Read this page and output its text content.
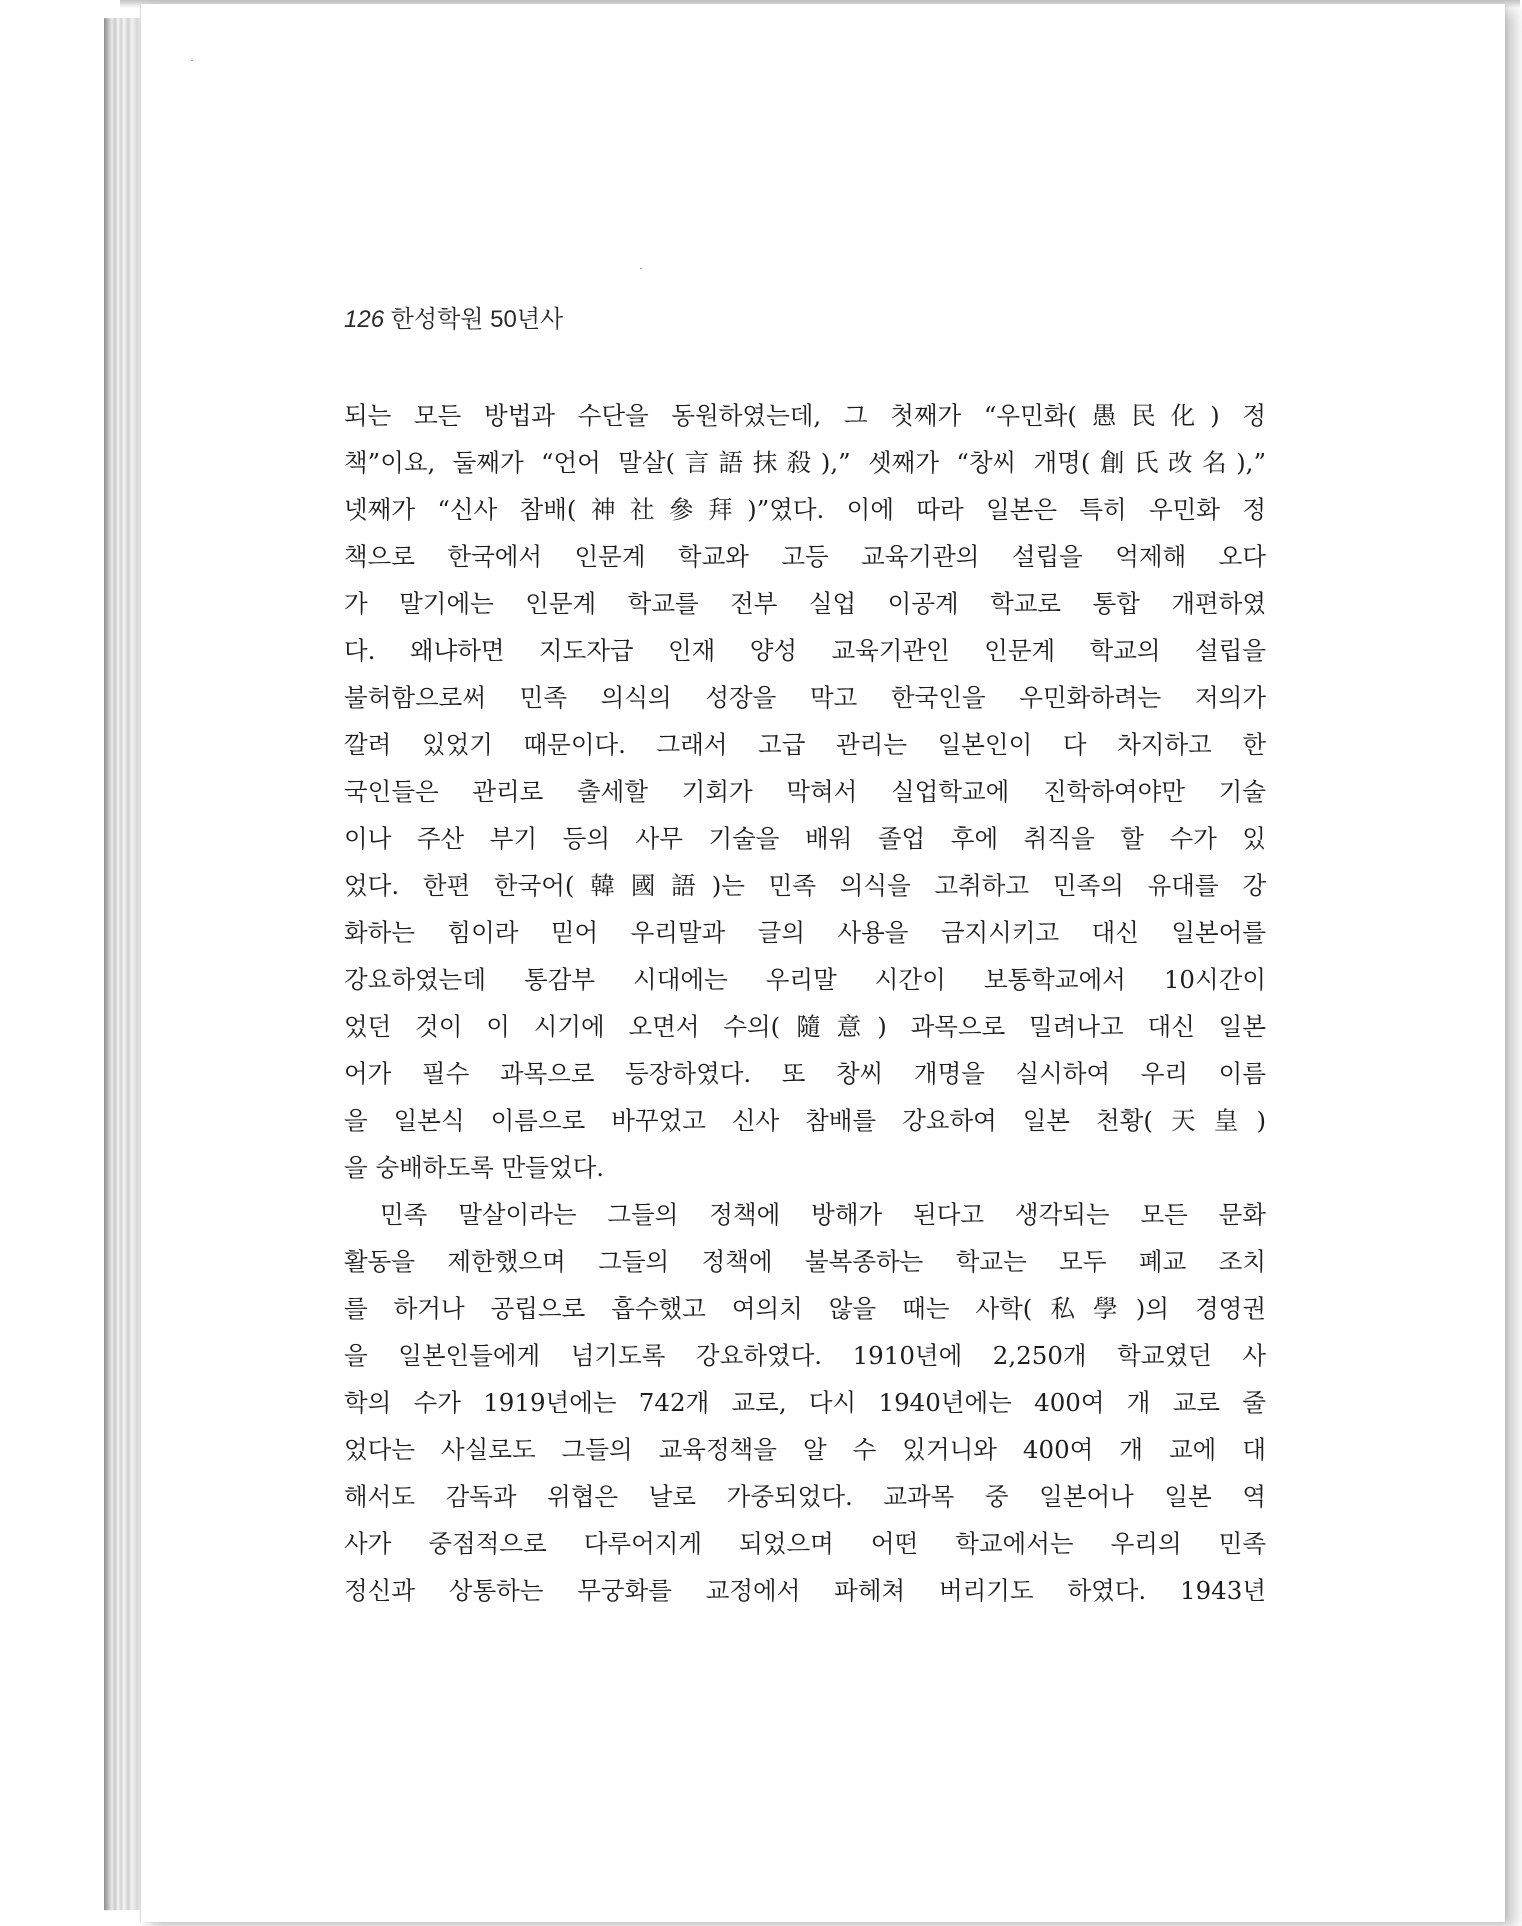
126 한성학원 50년사
되는 모든 방법과 수단을 동원하였는데, 그 첫째가 “우민화(愚民化) 정
책”이요, 둘째가 “언어 말살(言語抹殺),” 셋째가 “창씨 개명(創氏改名),”
넷째가 “신사 참배(神社參拜)”였다. 이에 따라 일본은 특히 우민화 정
책으로 한국에서 인문계 학교와 고등 교육기관의 설립을 억제해 오다
가 말기에는 인문계 학교를 전부 실업 이공계 학교로 통합 개편하였
다. 왜냐하면 지도자급 인재 양성 교육기관인 인문계 학교의 설립을
불허함으로써 민족 의식의 성장을 막고 한국인을 우민화하려는 저의가
깔려 있었기 때문이다. 그래서 고급 관리는 일본인이 다 차지하고 한
국인들은 관리로 출세할 기회가 막혀서 실업학교에 진학하여야만 기술
이나 주산 부기 등의 사무 기술을 배워 졸업 후에 취직을 할 수가 있
었다. 한편 한국어(韓國語)는 민족 의식을 고취하고 민족의 유대를 강
화하는 힘이라 믿어 우리말과 글의 사용을 금지시키고 대신 일본어를
강요하였는데 통감부 시대에는 우리말 시간이 보통학교에서 10시간이
었던 것이 이 시기에 오면서 수의(隨意) 과목으로 밀려나고 대신 일본
어가 필수 과목으로 등장하였다. 또 창씨 개명을 실시하여 우리 이름
을 일본식 이름으로 바꾸었고 신사 참배를 강요하여 일본 천황(天皇)
을 숭배하도록 만들었다.
민족 말살이라는 그들의 정책에 방해가 된다고 생각되는 모든 문화
활동을 제한했으며 그들의 정책에 불복종하는 학교는 모두 폐교 조치
를 하거나 공립으로 흡수했고 여의치 않을 때는 사학(私學)의 경영권
을 일본인들에게 넘기도록 강요하였다. 1910년에 2,250개 학교였던 사
학의 수가 1919년에는 742개 교로, 다시 1940년에는 400여 개 교로 줄
었다는 사실로도 그들의 교육정책을 알 수 있거니와 400여 개 교에 대
해서도 감독과 위협은 날로 가중되었다. 교과목 중 일본어나 일본 역
사가 중점적으로 다루어지게 되었으며 어떤 학교에서는 우리의 민족
정신과 상통하는 무궁화를 교정에서 파헤쳐 버리기도 하였다. 1943년
